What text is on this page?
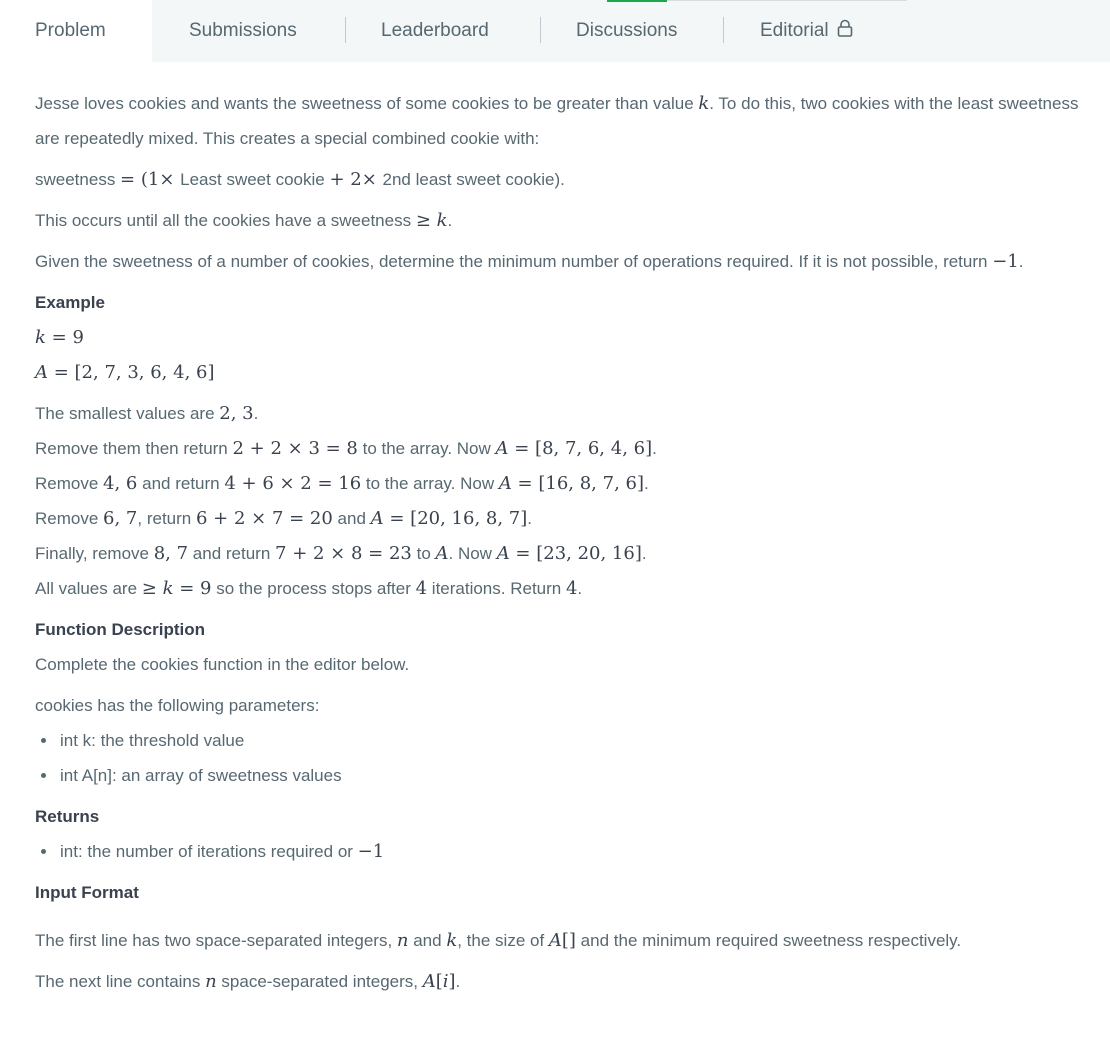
Problem	Submissions	Leaderboard	Discussions	Editorial

Jesse loves cookies and wants the sweetness of some cookies to be greater than value k. To do this, two cookies with the least sweetness are repeatedly mixed. This creates a special combined cookie with:

sweetness = (1× Least sweet cookie + 2× 2nd least sweet cookie).

This occurs until all the cookies have a sweetness ≥ k.

Given the sweetness of a number of cookies, determine the minimum number of operations required. If it is not possible, return −1.

Example

k = 9

A = [2, 7, 3, 6, 4, 6]

The smallest values are 2, 3.

Remove them then return 2 + 2 × 3 = 8 to the array. Now A = [8, 7, 6, 4, 6].

Remove 4, 6 and return 4 + 6 × 2 = 16 to the array. Now A = [16, 8, 7, 6].

Remove 6, 7, return 6 + 2 × 7 = 20 and A = [20, 16, 8, 7].

Finally, remove 8, 7 and return 7 + 2 × 8 = 23 to A. Now A = [23, 20, 16].

All values are ≥ k = 9 so the process stops after 4 iterations. Return 4.

Function Description

Complete the cookies function in the editor below.

cookies has the following parameters:

int k: the threshold value
int A[n]: an array of sweetness values
Returns
int: the number of iterations required or −1
Input Format

The first line has two space-separated integers, n and k, the size of A[] and the minimum required sweetness respectively.

The next line contains n space-separated integers, A[i].
